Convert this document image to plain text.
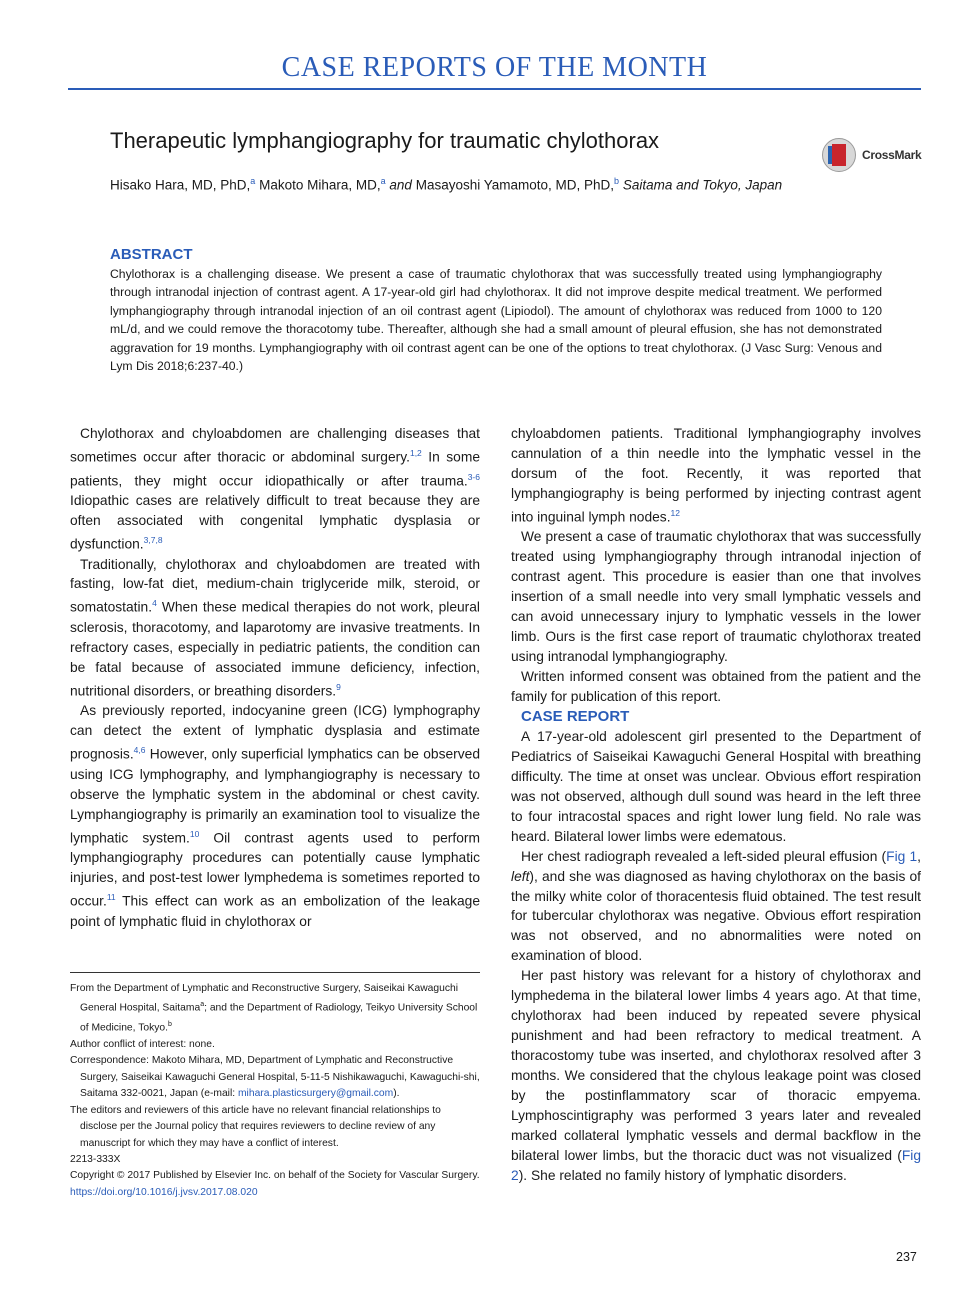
CASE REPORTS OF THE MONTH
Therapeutic lymphangiography for traumatic chylothorax
CrossMark
Hisako Hara, MD, PhD,$^a$ Makoto Mihara, MD,$^a$ and Masayoshi Yamamoto, MD, PhD,$^b$ Saitama and Tokyo, Japan
ABSTRACT
Chylothorax is a challenging disease. We present a case of traumatic chylothorax that was successfully treated using lymphangiography through intranodal injection of contrast agent. A 17-year-old girl had chylothorax. It did not improve despite medical treatment. We performed lymphangiography through intranodal injection of an oil contrast agent (Lipiodol). The amount of chylothorax was reduced from 1000 to 120 mL/d, and we could remove the thoracotomy tube. Thereafter, although she had a small amount of pleural effusion, she has not demonstrated aggravation for 19 months. Lymphangiography with oil contrast agent can be one of the options to treat chylothorax. (J Vasc Surg: Venous and Lym Dis 2018;6:237-40.)

Chylothorax and chyloabdomen are challenging diseases that sometimes occur after thoracic or abdominal surgery.$^{1,2}$ In some patients, they might occur idiopathically or after trauma.$^{3-6}$ Idiopathic cases are relatively difficult to treat because they are often associated with congenital lymphatic dysplasia or dysfunction.$^{3,7,8}$

Traditionally, chylothorax and chyloabdomen are treated with fasting, low-fat diet, medium-chain triglyceride milk, steroid, or somatostatin.$^4$ When these medical therapies do not work, pleural sclerosis, thoracotomy, and laparotomy are invasive treatments. In refractory cases, especially in pediatric patients, the condition can be fatal because of associated immune deficiency, infection, nutritional disorders, or breathing disorders.$^9$

As previously reported, indocyanine green (ICG) lymphography can detect the extent of lymphatic dysplasia and estimate prognosis.$^{4,6}$ However, only superficial lymphatics can be observed using ICG lymphography, and lymphangiography is necessary to observe the lymphatic system in the abdominal or chest cavity. Lymphangiography is primarily an examination tool to visualize the lymphatic system.$^{10}$ Oil contrast agents used to perform lymphangiography procedures can potentially cause lymphatic injuries, and post-test lower lymphedema is sometimes reported to occur.$^{11}$ This effect can work as an embolization of the leakage point of lymphatic fluid in chylothorax or

chyloabdomen patients. Traditional lymphangiography involves cannulation of a thin needle into the lymphatic vessel in the dorsum of the foot. Recently, it was reported that lymphangiography is being performed by injecting contrast agent into inguinal lymph nodes.$^{12}$

We present a case of traumatic chylothorax that was successfully treated using lymphangiography through intranodal injection of contrast agent. This procedure is easier than one that involves insertion of a small needle into very small lymphatic vessels and can avoid unnecessary injury to lymphatic vessels in the lower limb. Ours is the first case report of traumatic chylothorax treated using intranodal lymphangiography.

Written informed consent was obtained from the patient and the family for publication of this report.

CASE REPORT

A 17-year-old adolescent girl presented to the Department of Pediatrics of Saiseikai Kawaguchi General Hospital with breathing difficulty. The time at onset was unclear. Obvious effort respiration was not observed, although dull sound was heard in the left three to four intracostal spaces and right lower lung field. No rale was heard. Bilateral lower limbs were edematous.

Her chest radiograph revealed a left-sided pleural effusion (Fig 1, left), and she was diagnosed as having chylothorax on the basis of the milky white color of thoracentesis fluid obtained. The test result for tubercular chylothorax was negative. Obvious effort respiration was not observed, and no abnormalities were noted on examination of blood.

Her past history was relevant for a history of chylothorax and lymphedema in the bilateral lower limbs 4 years ago. At that time, chylothorax had been induced by repeated severe physical punishment and had been refractory to medical treatment. A thoracostomy tube was inserted, and chylothorax resolved after 3 months. We considered that the chylous leakage point was closed by the postinflammatory scar of thoracic empyema. Lymphoscintigraphy was performed 3 years later and revealed marked collateral lymphatic vessels and dermal backflow in the bilateral lower limbs, but the thoracic duct was not visualized (Fig 2). She related no family history of lymphatic disorders.

From the Department of Lymphatic and Reconstructive Surgery, Saiseikai Kawaguchi General Hospital, Saitama$^a$; and the Department of Radiology, Teikyo University School of Medicine, Tokyo.$^b$

Author conflict of interest: none.

Correspondence: Makoto Mihara, MD, Department of Lymphatic and Reconstructive Surgery, Saiseikai Kawaguchi General Hospital, 5-11-5 Nishikawaguchi, Kawaguchi-shi, Saitama 332-0021, Japan (e-mail: mihara.plasticsurgery@gmail.com).

The editors and reviewers of this article have no relevant financial relationships to disclose per the Journal policy that requires reviewers to decline review of any manuscript for which they may have a conflict of interest.

2213-333X

Copyright © 2017 Published by Elsevier Inc. on behalf of the Society for Vascular Surgery.

https://doi.org/10.1016/j.jvsv.2017.08.020

237
